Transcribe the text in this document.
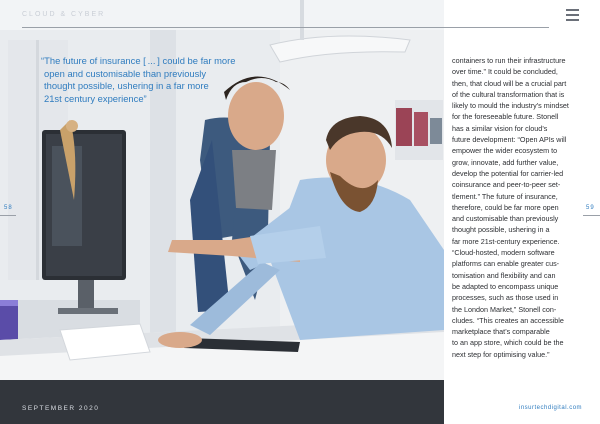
CLOUD & CYBER

“The future of insurance [ ... ] could be far more

open and customisable than previously

thought possible, ushering in a far more

21st century experience”

SEPTEMBER 2020
58	59

containers to run their infrastructure

over time.” It could be concluded,

then, that cloud will be a crucial part

of the cultural transformation that is

likely to mould the industry’s mindset

for the foreseeable future. Stonell

has a similar vision for cloud’s

future development: “Open APIs will

empower the wider ecosystem to

grow, innovate, add further value,

develop the potential for carrier-led

coinsurance and peer-to-peer set-

tlement.” The future of insurance,

therefore, could be far more open

and customisable than previously

thought possible, ushering in a

far more 21st-century experience.

“Cloud-hosted, modern software

platforms can enable greater cus-

tomisation and flexibility and can

be adapted to encompass unique

processes, such as those used in

the London Market,” Stonell con-

cludes. “This creates an accessible

marketplace that’s comparable

to an app store, which could be the

next step for optimising value.”

insurtechdigital.com
